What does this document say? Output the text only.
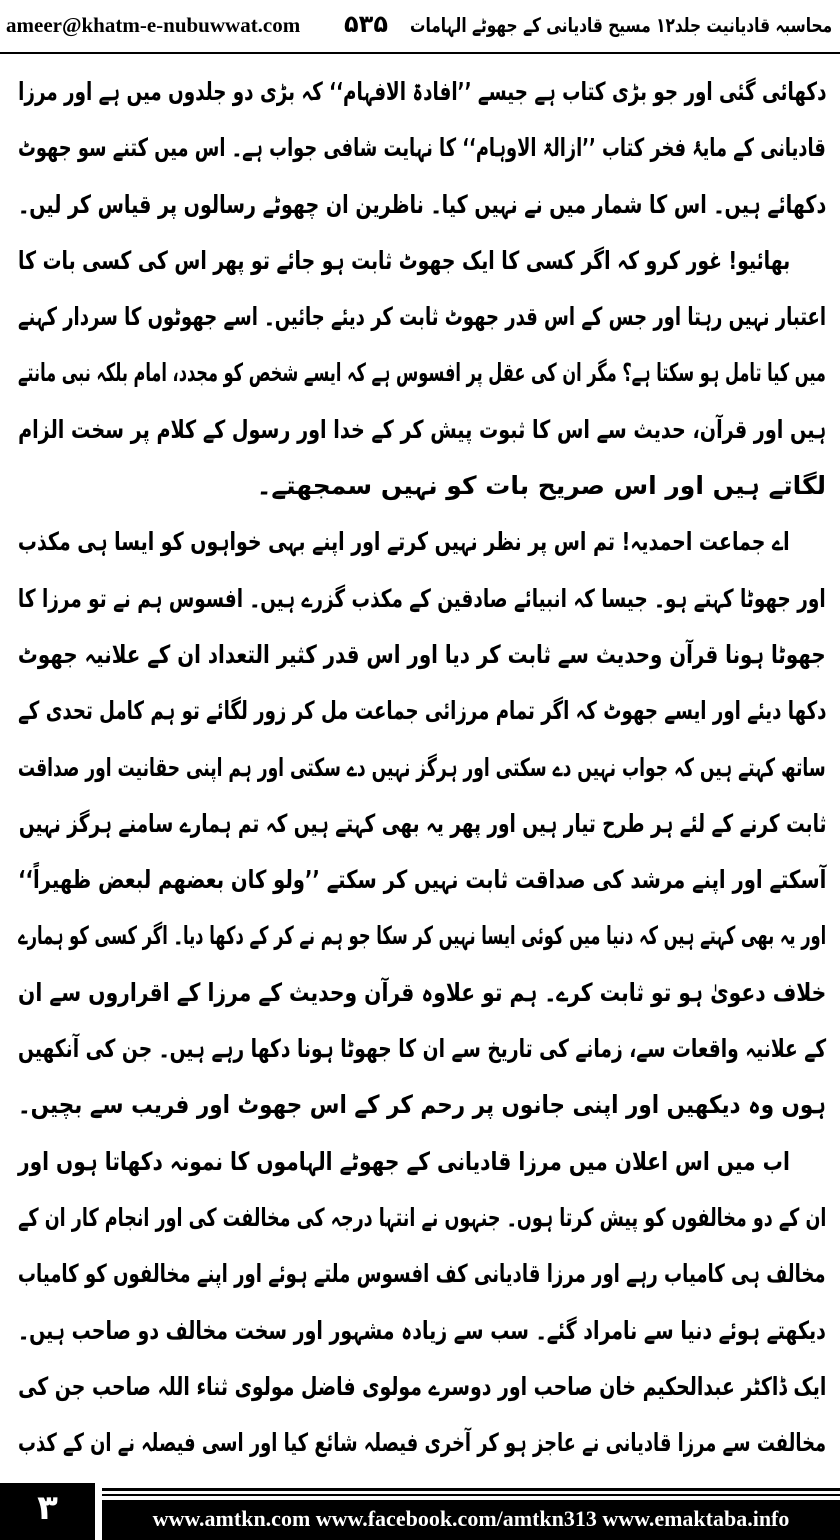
ameer@khatm-e-nubuwwat.com	۵۳۵	محاسبہ قادیانیت جلد۱۲ مسیح قادیانی کے جھوٹے الہامات
دکھائی گئی اور جو بڑی کتاب ہے جیسے ’’افادۃ الافہام‘‘ کہ بڑی دو جلدوں میں ہے اور مرزا
قادیانی کے مایۂ فخر کتاب ’’ازالۃ الاوہام‘‘ کا نہایت شافی جواب ہے۔ اس میں کتنے سو جھوٹ
دکھائے ہیں۔ اس کا شمار میں نے نہیں کیا۔ ناظرین ان چھوٹے رسالوں پر قیاس کر لیں۔
بھائیو! غور کرو کہ اگر کسی کا ایک جھوٹ ثابت ہو جائے تو پھر اس کی کسی بات کا
اعتبار نہیں رہتا اور جس کے اس قدر جھوٹ ثابت کر دیئے جائیں۔ اسے جھوٹوں کا سردار کہنے
میں کیا تامل ہو سکتا ہے؟ مگر ان کی عقل پر افسوس ہے کہ ایسے شخص کو مجدد، امام بلکہ نبی مانتے
ہیں اور قرآن، حدیث سے اس کا ثبوت پیش کر کے خدا اور رسول کے کلام پر سخت الزام
لگاتے ہیں اور اس صریح بات کو نہیں سمجھتے۔
اے جماعت احمدیہ! تم اس پر نظر نہیں کرتے اور اپنے بہی خواہوں کو ایسا ہی مکذب
اور جھوٹا کہتے ہو۔ جیسا کہ انبیائے صادقین کے مکذب گزرے ہیں۔ افسوس ہم نے تو مرزا کا
جھوٹا ہونا قرآن وحدیث سے ثابت کر دیا اور اس قدر کثیر التعداد ان کے علانیہ جھوٹ
دکھا دیئے اور ایسے جھوٹ کہ اگر تمام مرزائی جماعت مل کر زور لگائے تو ہم کامل تحدی کے
ساتھ کہتے ہیں کہ جواب نہیں دے سکتی اور ہرگز نہیں دے سکتی اور ہم اپنی حقانیت اور صداقت
ثابت کرنے کے لئے ہر طرح تیار ہیں اور پھر یہ بھی کہتے ہیں کہ تم ہمارے سامنے ہرگز نہیں
آسکتے اور اپنے مرشد کی صداقت ثابت نہیں کر سکتے ’’ولو کان بعضھم لبعض ظھیراً‘‘
اور یہ بھی کہتے ہیں کہ دنیا میں کوئی ایسا نہیں کر سکا جو ہم نے کر کے دکھا دیا۔ اگر کسی کو ہمارے
خلاف دعویٰ ہو تو ثابت کرے۔ ہم تو علاوہ قرآن وحدیث کے مرزا کے اقراروں سے ان
کے علانیہ واقعات سے، زمانے کی تاریخ سے ان کا جھوٹا ہونا دکھا رہے ہیں۔ جن کی آنکھیں
ہوں وہ دیکھیں اور اپنی جانوں پر رحم کر کے اس جھوٹ اور فریب سے بچیں۔
اب میں اس اعلان میں مرزا قادیانی کے جھوٹے الہاموں کا نمونہ دکھاتا ہوں اور
ان کے دو مخالفوں کو پیش کرتا ہوں۔ جنہوں نے انتہا درجہ کی مخالفت کی اور انجام کار ان کے
مخالف ہی کامیاب رہے اور مرزا قادیانی کف افسوس ملتے ہوئے اور اپنے مخالفوں کو کامیاب
دیکھتے ہوئے دنیا سے نامراد گئے۔ سب سے زیادہ مشہور اور سخت مخالف دو صاحب ہیں۔
ایک ڈاکٹر عبدالحکیم خان صاحب اور دوسرے مولوی فاضل مولوی ثناء اللہ صاحب جن کی
مخالفت سے مرزا قادیانی نے عاجز ہو کر آخری فیصلہ شائع کیا اور اسی فیصلہ نے ان کے کذب
۳	www.amtkn.com www.facebook.com/amtkn313 www.emaktaba.info
